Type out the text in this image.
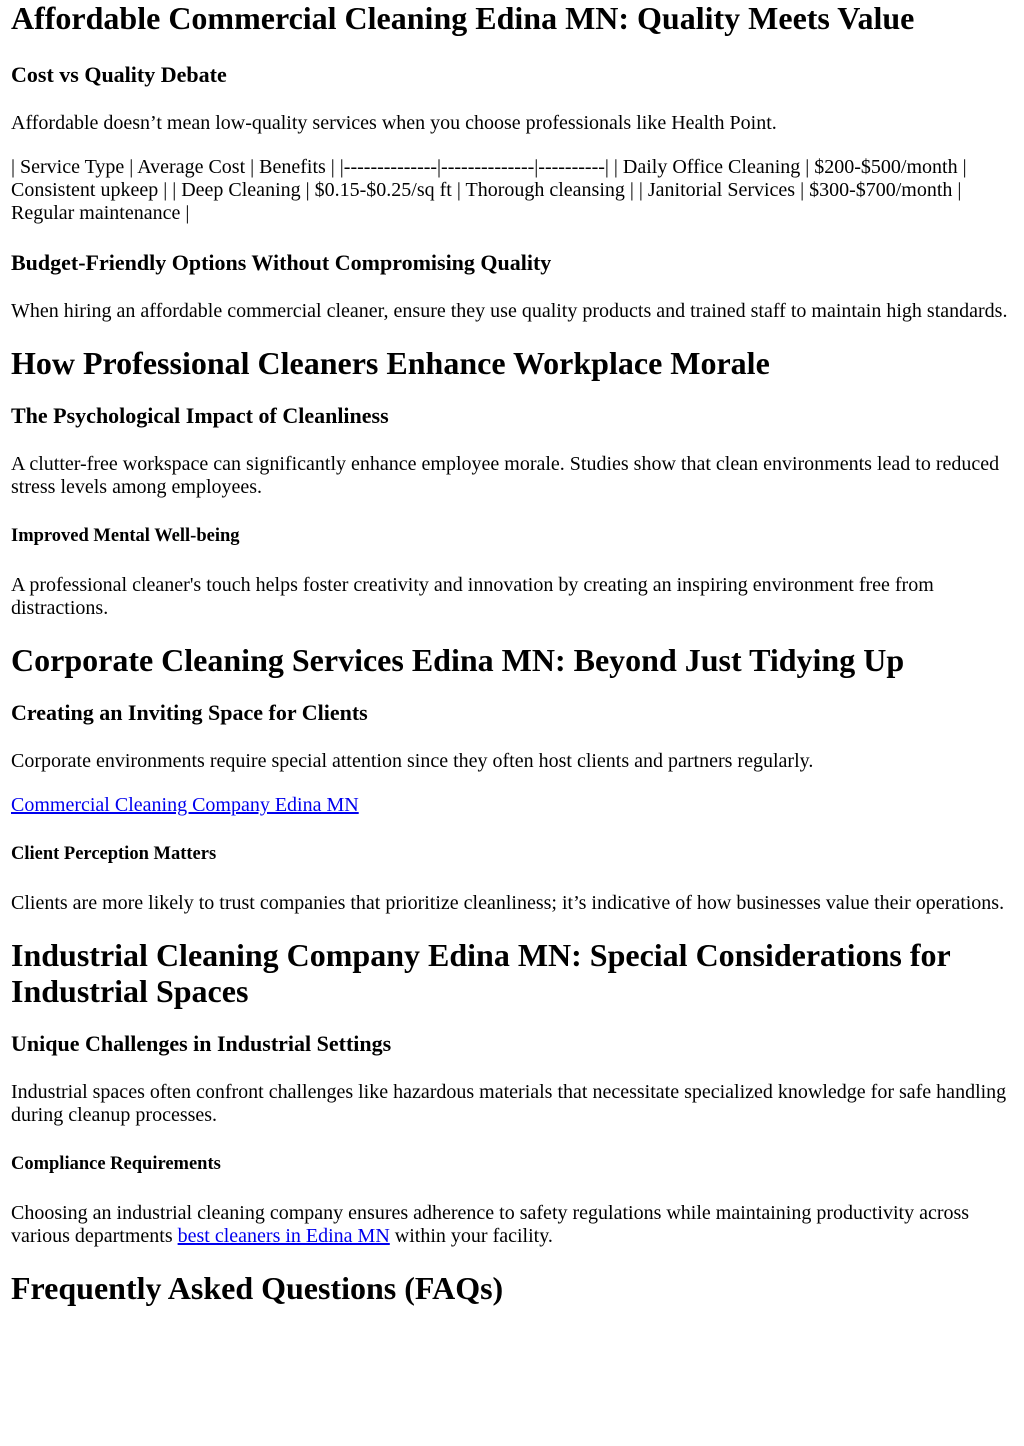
Affordable Commercial Cleaning Edina MN: Quality Meets Value
Cost vs Quality Debate

Affordable doesn’t mean low-quality services when you choose professionals like Health Point.

| Service Type | Average Cost | Benefits | |--------------|--------------|----------| | Daily Office Cleaning | $200-$500/month | Consistent upkeep | | Deep Cleaning | $0.15-$0.25/sq ft | Thorough cleansing | | Janitorial Services | $300-$700/month | Regular maintenance |

Budget-Friendly Options Without Compromising Quality

When hiring an affordable commercial cleaner, ensure they use quality products and trained staff to maintain high standards.

How Professional Cleaners Enhance Workplace Morale
The Psychological Impact of Cleanliness

A clutter-free workspace can significantly enhance employee morale. Studies show that clean environments lead to reduced stress levels among employees.

Improved Mental Well-being

A professional cleaner's touch helps foster creativity and innovation by creating an inspiring environment free from distractions.

Corporate Cleaning Services Edina MN: Beyond Just Tidying Up
Creating an Inviting Space for Clients

Corporate environments require special attention since they often host clients and partners regularly.

Commercial Cleaning Company Edina MN

Client Perception Matters

Clients are more likely to trust companies that prioritize cleanliness; it’s indicative of how businesses value their operations.

Industrial Cleaning Company Edina MN: Special Considerations for Industrial Spaces
Unique Challenges in Industrial Settings

Industrial spaces often confront challenges like hazardous materials that necessitate specialized knowledge for safe handling during cleanup processes.

Compliance Requirements

Choosing an industrial cleaning company ensures adherence to safety regulations while maintaining productivity across various departments best cleaners in Edina MN within your facility.

Frequently Asked Questions (FAQs)
